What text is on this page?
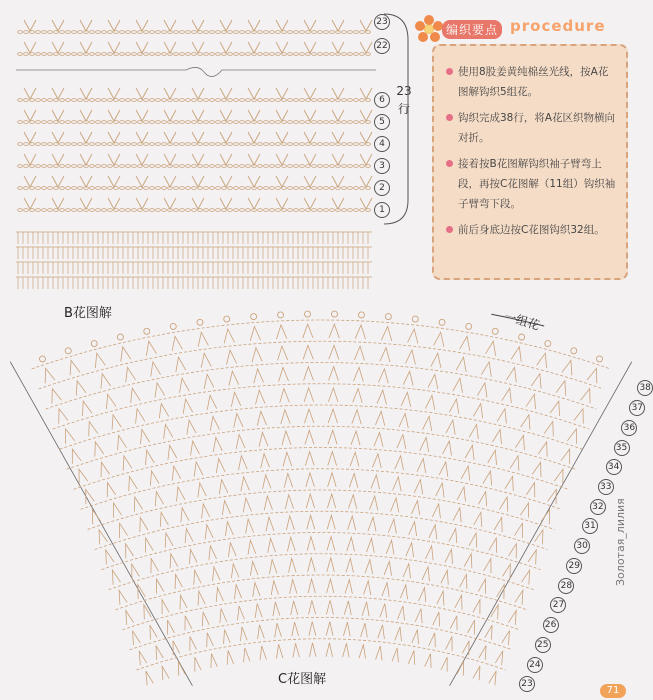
23
22
6
5
4
3
2
1
23
行
B花图解
编织要点 procedure
使用8股姜黄纯棉丝光线，按A花图解钩织5组花。
钩织完成38行，将A花区织物横向对折。
接着按B花图解钩织袖子臂弯上段，再按C花图解（11组）钩织袖子臂弯下段。
前后身底边按C花图钩织32组。
一组花
38
37
36
35
34
33
32
31
30
29
28
27
26
25
24
23
C花图解
71
Золотая_лилия
